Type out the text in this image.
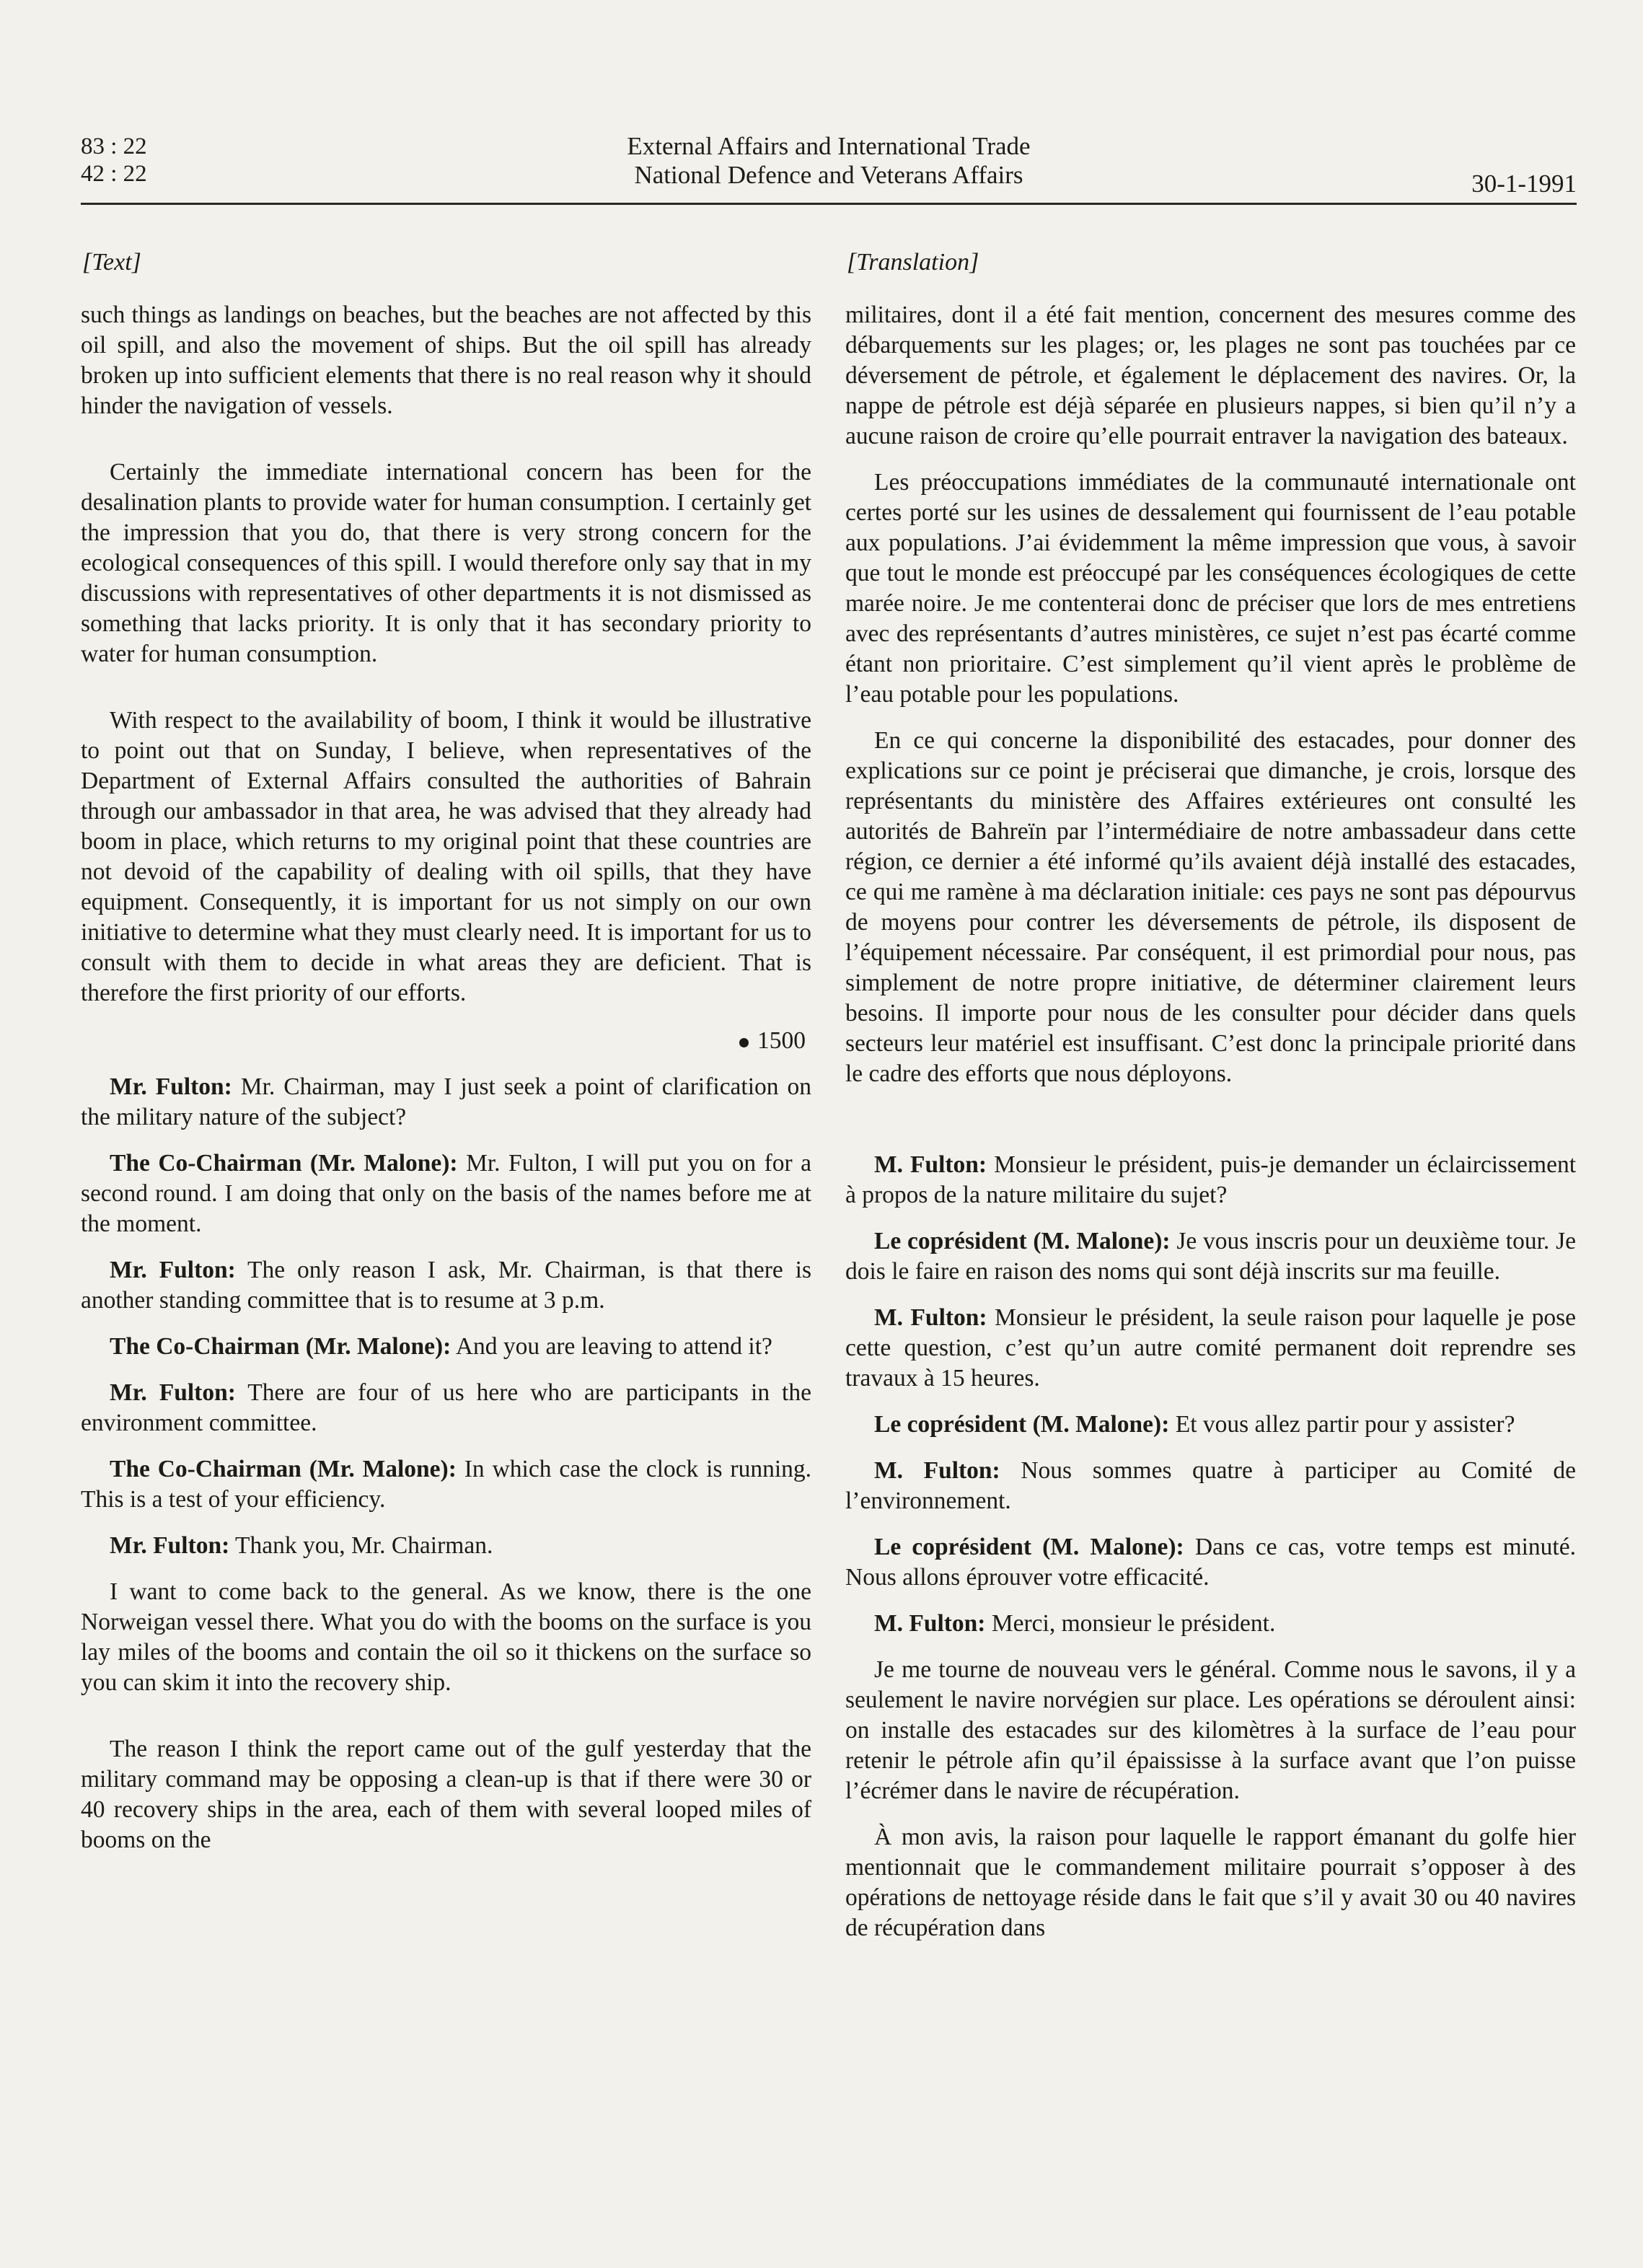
83 : 22
42 : 22
External Affairs and International Trade
National Defence and Veterans Affairs	30-1-1991
[Text]

such things as landings on beaches, but the beaches are not affected by this oil spill, and also the movement of ships. But the oil spill has already broken up into sufficient elements that there is no real reason why it should hinder the navigation of vessels.

Certainly the immediate international concern has been for the desalination plants to provide water for human consumption. I certainly get the impression that you do, that there is very strong concern for the ecological consequences of this spill. I would therefore only say that in my discussions with representatives of other departments it is not dismissed as something that lacks priority. It is only that it has secondary priority to water for human consumption.

With respect to the availability of boom, I think it would be illustrative to point out that on Sunday, I believe, when representatives of the Department of External Affairs consulted the authorities of Bahrain through our ambassador in that area, he was advised that they already had boom in place, which returns to my original point that these countries are not devoid of the capability of dealing with oil spills, that they have equipment. Consequently, it is important for us not simply on our own initiative to determine what they must clearly need. It is important for us to consult with them to decide in what areas they are deficient. That is therefore the first priority of our efforts.

1500

Mr. Fulton: Mr. Chairman, may I just seek a point of clarification on the military nature of the subject?

The Co-Chairman (Mr. Malone): Mr. Fulton, I will put you on for a second round. I am doing that only on the basis of the names before me at the moment.

Mr. Fulton: The only reason I ask, Mr. Chairman, is that there is another standing committee that is to resume at 3 p.m.

The Co-Chairman (Mr. Malone): And you are leaving to attend it?

Mr. Fulton: There are four of us here who are participants in the environment committee.

The Co-Chairman (Mr. Malone): In which case the clock is running. This is a test of your efficiency.

Mr. Fulton: Thank you, Mr. Chairman.

I want to come back to the general. As we know, there is the one Norweigan vessel there. What you do with the booms on the surface is you lay miles of the booms and contain the oil so it thickens on the surface so you can skim it into the recovery ship.

The reason I think the report came out of the gulf yesterday that the military command may be opposing a clean-up is that if there were 30 or 40 recovery ships in the area, each of them with several looped miles of booms on the

[Translation]

militaires, dont il a été fait mention, concernent des mesures comme des débarquements sur les plages; or, les plages ne sont pas touchées par ce déversement de pétrole, et également le déplacement des navires. Or, la nappe de pétrole est déjà séparée en plusieurs nappes, si bien qu’il n’y a aucune raison de croire qu’elle pourrait entraver la navigation des bateaux.

Les préoccupations immédiates de la communauté internationale ont certes porté sur les usines de dessalement qui fournissent de l’eau potable aux populations. J’ai évidemment la même impression que vous, à savoir que tout le monde est préoccupé par les conséquences écologiques de cette marée noire. Je me contenterai donc de préciser que lors de mes entretiens avec des représentants d’autres ministères, ce sujet n’est pas écarté comme étant non prioritaire. C’est simplement qu’il vient après le problème de l’eau potable pour les populations.

En ce qui concerne la disponibilité des estacades, pour donner des explications sur ce point je préciserai que dimanche, je crois, lorsque des représentants du ministère des Affaires extérieures ont consulté les autorités de Bahreïn par l’intermédiaire de notre ambassadeur dans cette région, ce dernier a été informé qu’ils avaient déjà installé des estacades, ce qui me ramène à ma déclaration initiale: ces pays ne sont pas dépourvus de moyens pour contrer les déversements de pétrole, ils disposent de l’équipement nécessaire. Par conséquent, il est primordial pour nous, pas simplement de notre propre initiative, de déterminer clairement leurs besoins. Il importe pour nous de les consulter pour décider dans quels secteurs leur matériel est insuffisant. C’est donc la principale priorité dans le cadre des efforts que nous déployons.

M. Fulton: Monsieur le président, puis-je demander un éclaircissement à propos de la nature militaire du sujet?

Le coprésident (M. Malone): Je vous inscris pour un deuxième tour. Je dois le faire en raison des noms qui sont déjà inscrits sur ma feuille.

M. Fulton: Monsieur le président, la seule raison pour laquelle je pose cette question, c’est qu’un autre comité permanent doit reprendre ses travaux à 15 heures.

Le coprésident (M. Malone): Et vous allez partir pour y assister?

M. Fulton: Nous sommes quatre à participer au Comité de l’environnement.

Le coprésident (M. Malone): Dans ce cas, votre temps est minuté. Nous allons éprouver votre efficacité.

M. Fulton: Merci, monsieur le président.

Je me tourne de nouveau vers le général. Comme nous le savons, il y a seulement le navire norvégien sur place. Les opérations se déroulent ainsi: on installe des estacades sur des kilomètres à la surface de l’eau pour retenir le pétrole afin qu’il épaississe à la surface avant que l’on puisse l’écrémer dans le navire de récupération.

À mon avis, la raison pour laquelle le rapport émanant du golfe hier mentionnait que le commandement militaire pourrait s’opposer à des opérations de nettoyage réside dans le fait que s’il y avait 30 ou 40 navires de récupération dans
